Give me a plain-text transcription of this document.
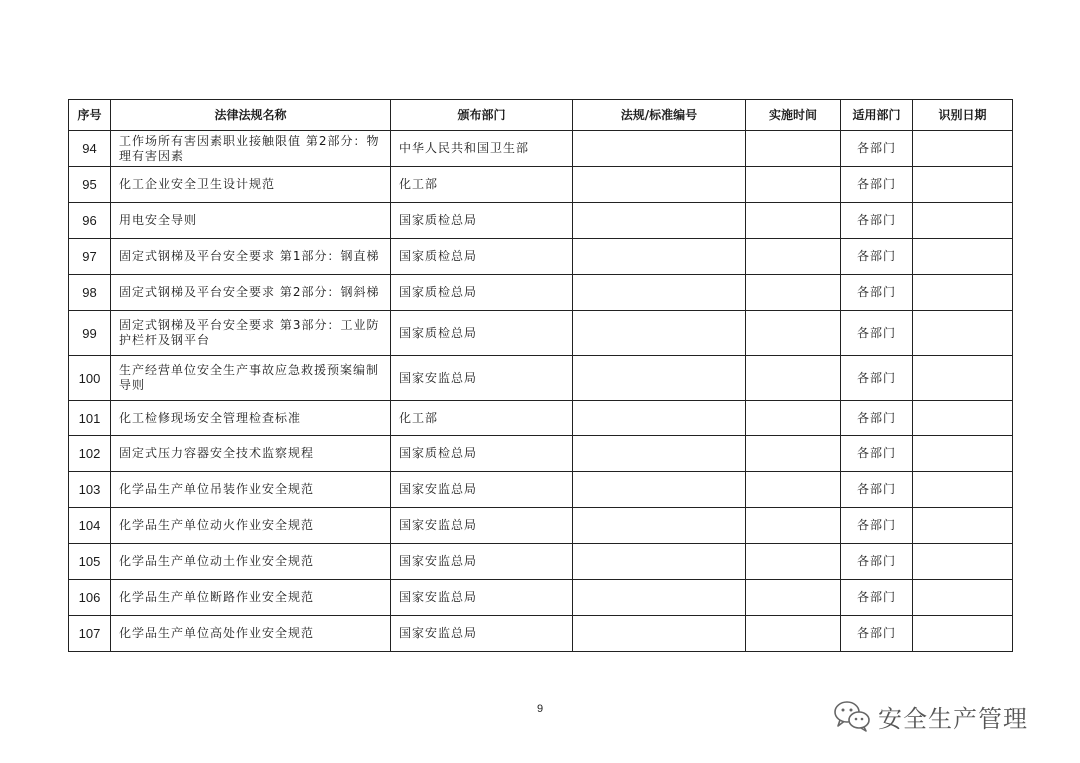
序号	法律法规名称	颁布部门	法规/标准编号	实施时间	适用部门	识别日期
94	工作场所有害因素职业接触限值 第2部分：物理有害因素	中华人民共和国卫生部			各部门	
95	化工企业安全卫生设计规范	化工部			各部门	
96	用电安全导则	国家质检总局			各部门	
97	固定式钢梯及平台安全要求 第1部分：钢直梯	国家质检总局			各部门	
98	固定式钢梯及平台安全要求 第2部分：钢斜梯	国家质检总局			各部门	
99	固定式钢梯及平台安全要求 第3部分：工业防护栏杆及钢平台	国家质检总局			各部门	
100	生产经营单位安全生产事故应急救援预案编制导则	国家安监总局			各部门	
101	化工检修现场安全管理检查标准	化工部			各部门	
102	固定式压力容器安全技术监察规程	国家质检总局			各部门	
103	化学品生产单位吊装作业安全规范	国家安监总局			各部门	
104	化学品生产单位动火作业安全规范	国家安监总局			各部门	
105	化学品生产单位动土作业安全规范	国家安监总局			各部门	
106	化学品生产单位断路作业安全规范	国家安监总局			各部门	
107	化学品生产单位高处作业安全规范	国家安监总局			各部门	
9	安全生产管理
